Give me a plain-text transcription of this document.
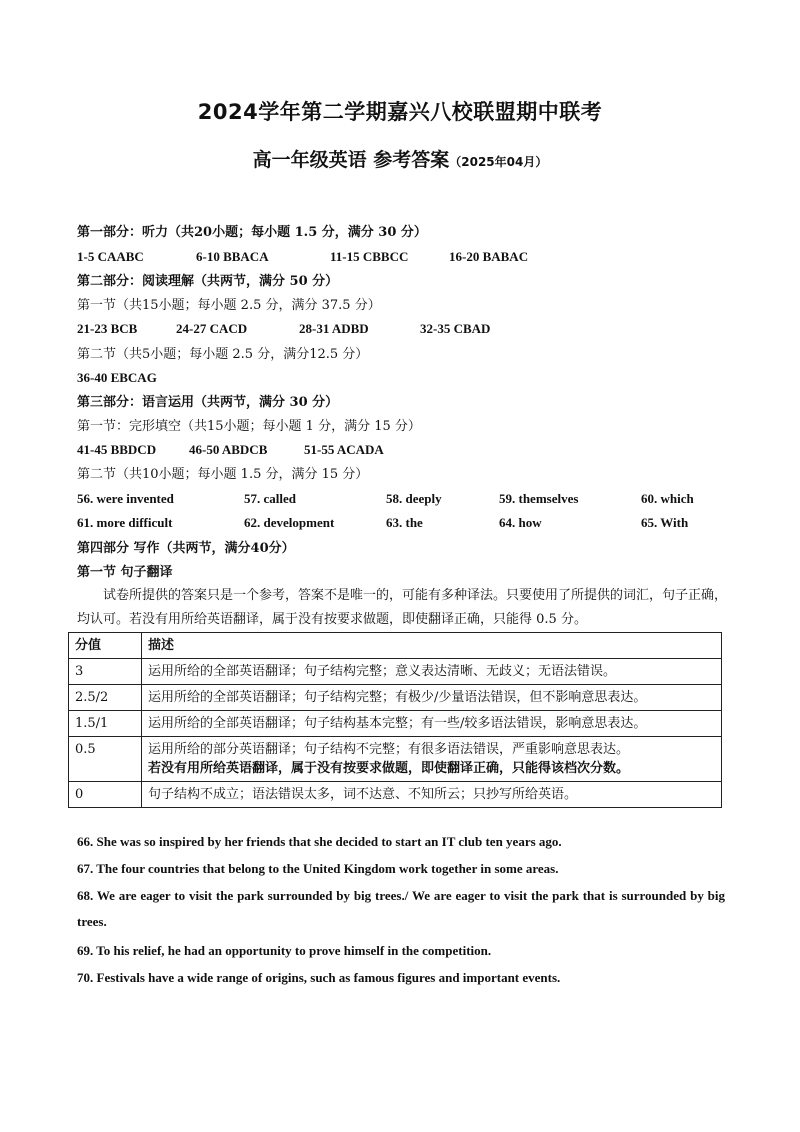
2024学年第二学期嘉兴八校联盟期中联考
高一年级英语 参考答案（2025年04月）
第一部分：听力（共20小题；每小题 1.5 分，满分 30 分）
1-5 CAABC	6-10 BBACA	11-15 CBBCC	16-20 BABAC
第二部分：阅读理解（共两节，满分 50 分）
第一节（共15小题；每小题 2.5 分，满分 37.5 分）
21-23 BCB	24-27 CACD	28-31 ADBD	32-35 CBAD
第二节（共5小题；每小题 2.5 分，满分12.5 分）
36-40 EBCAG
第三部分：语言运用（共两节，满分 30 分）
第一节：完形填空（共15小题；每小题 1 分，满分 15 分）
41-45 BBDCD	46-50 ABDCB	51-55 ACADA
第二节（共10小题；每小题 1.5 分，满分 15 分）
56. were invented	57. called	58. deeply	59. themselves	60. which
61. more difficult	62. development	63. the	64. how	65. With
第四部分 写作（共两节，满分40分）
第一节 句子翻译
试卷所提供的答案只是一个参考，答案不是唯一的，可能有多种译法。只要使用了所提供的词汇，句子正确，均认可。若没有用所给英语翻译，属于没有按要求做题，即使翻译正确，只能得 0.5 分。
分值	描述
3	运用所给的全部英语翻译；句子结构完整；意义表达清晰、无歧义；无语法错误。
2.5/2	运用所给的全部英语翻译；句子结构完整；有极少/少量语法错误，但不影响意思表达。
1.5/1	运用所给的全部英语翻译；句子结构基本完整；有一些/较多语法错误，影响意思表达。
0.5	运用所给的部分英语翻译；句子结构不完整；有很多语法错误，严重影响意思表达。
若没有用所给英语翻译，属于没有按要求做题，即使翻译正确，只能得该档次分数。

0	句子结构不成立；语法错误太多，词不达意、不知所云；只抄写所给英语。
66. She was so inspired by her friends that she decided to start an IT club ten years ago.
67. The four countries that belong to the United Kingdom work together in some areas.
68. We are eager to visit the park surrounded by big trees./ We are eager to visit the park that is surrounded by big trees.
69. To his relief, he had an opportunity to prove himself in the competition.
70. Festivals have a wide range of origins, such as famous figures and important events.
